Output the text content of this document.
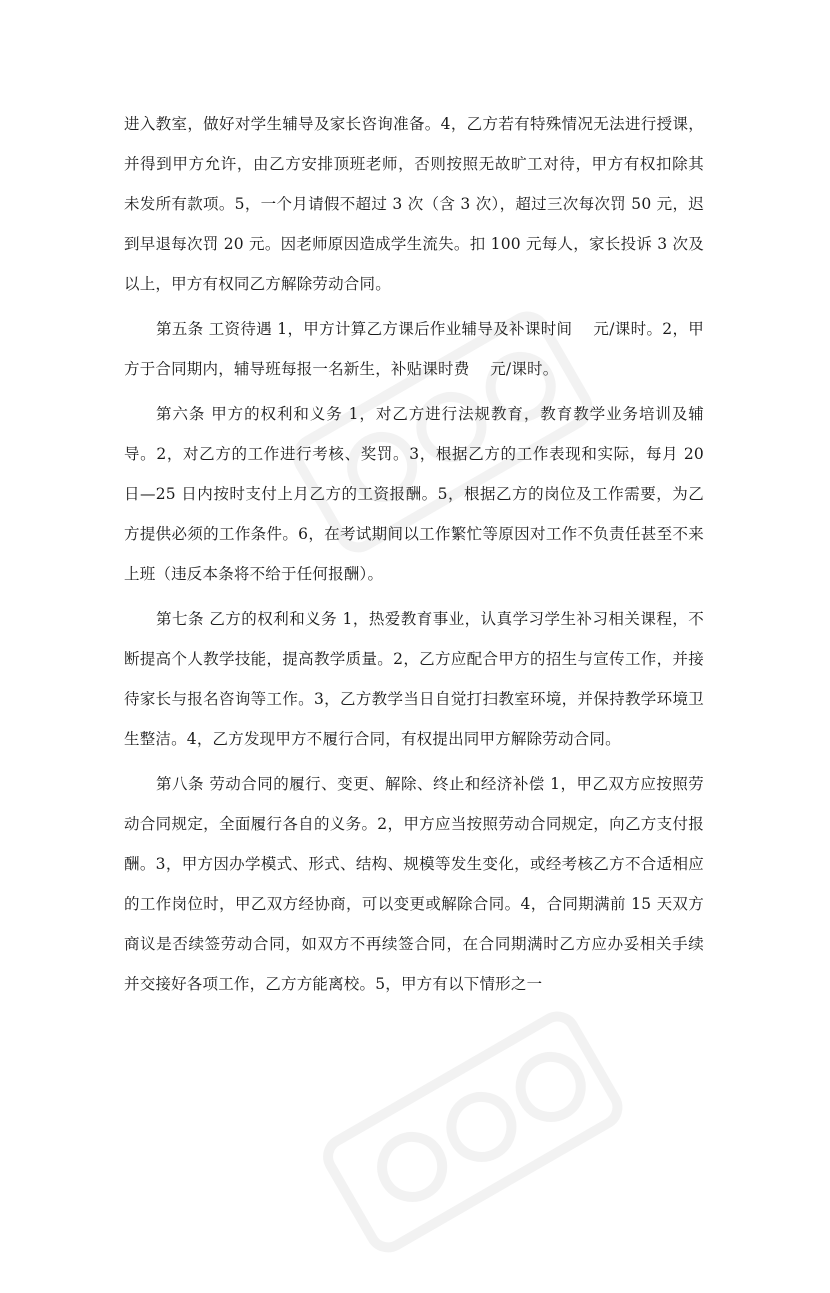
进入教室，做好对学生辅导及家长咨询准备。4，乙方若有特殊情况无法进行授课，并得到甲方允许，由乙方安排顶班老师，否则按照无故旷工对待，甲方有权扣除其未发所有款项。5，一个月请假不超过 3 次（含 3 次），超过三次每次罚 50 元，迟到早退每次罚 20 元。因老师原因造成学生流失。扣 100 元每人，家长投诉 3 次及以上，甲方有权同乙方解除劳动合同。

第五条 工资待遇 1，甲方计算乙方课后作业辅导及补课时间　 元/课时。2，甲方于合同期内，辅导班每报一名新生，补贴课时费　 元/课时。

第六条 甲方的权利和义务 1，对乙方进行法规教育，教育教学业务培训及辅导。2，对乙方的工作进行考核、奖罚。3，根据乙方的工作表现和实际，每月 20 日—25 日内按时支付上月乙方的工资报酬。5，根据乙方的岗位及工作需要，为乙方提供必须的工作条件。6，在考试期间以工作繁忙等原因对工作不负责任甚至不来上班（违反本条将不给于任何报酬）。

第七条 乙方的权利和义务 1，热爱教育事业，认真学习学生补习相关课程，不断提高个人教学技能，提高教学质量。2，乙方应配合甲方的招生与宣传工作，并接待家长与报名咨询等工作。3，乙方教学当日自觉打扫教室环境，并保持教学环境卫生整洁。4，乙方发现甲方不履行合同，有权提出同甲方解除劳动合同。

第八条 劳动合同的履行、变更、解除、终止和经济补偿 1，甲乙双方应按照劳动合同规定，全面履行各自的义务。2，甲方应当按照劳动合同规定，向乙方支付报酬。3，甲方因办学模式、形式、结构、规模等发生变化，或经考核乙方不合适相应的工作岗位时，甲乙双方经协商，可以变更或解除合同。4，合同期满前 15 天双方商议是否续签劳动合同，如双方不再续签合同，在合同期满时乙方应办妥相关手续并交接好各项工作，乙方方能离校。5，甲方有以下情形之一
